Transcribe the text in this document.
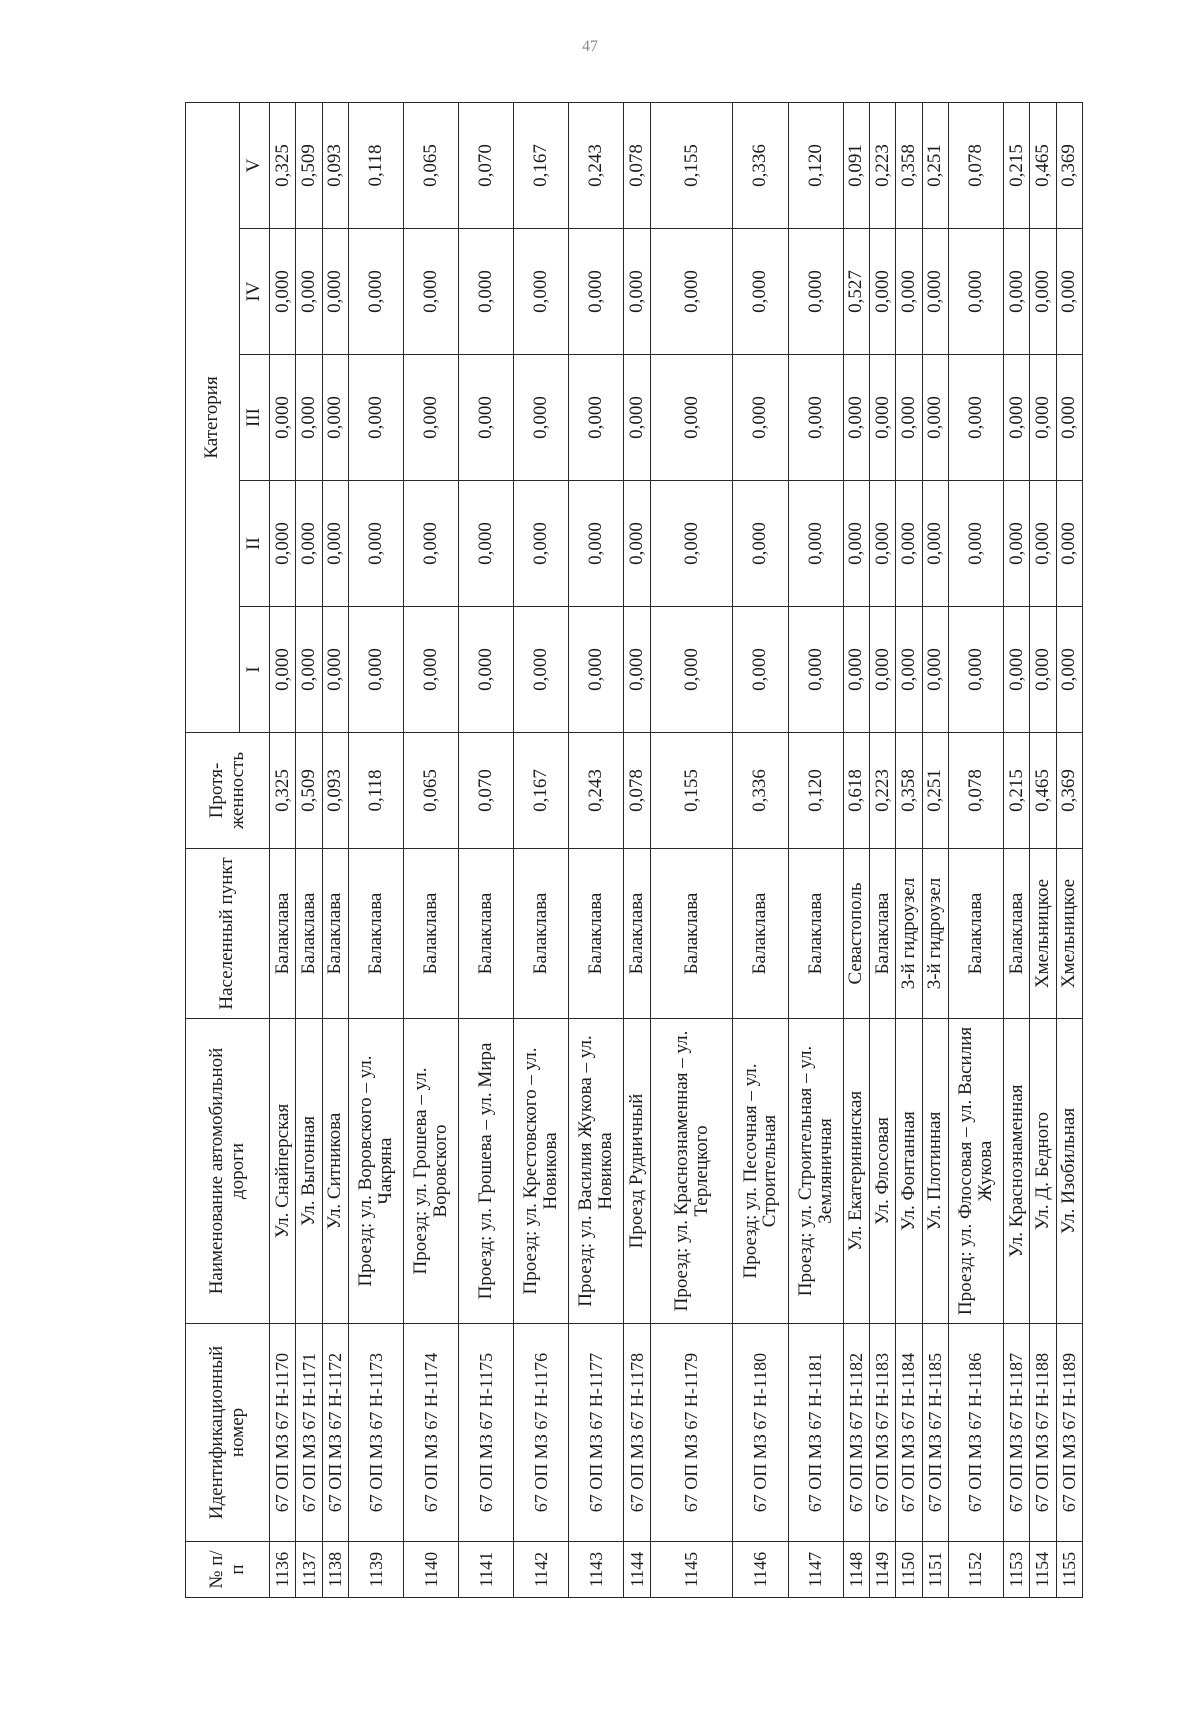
47
№ п/п	Идентификационный номер	Наименование автомобильной дороги	Населенный пункт	Протя-женность	Категория				
					I	II	III	IV	V
1136	67 ОП МЗ 67 Н-1170	Ул. Снайперская	Балаклава	0,325	0,000	0,000	0,000	0,000	0,325
1137	67 ОП МЗ 67 Н-1171	Ул. Выгонная	Балаклава	0,509	0,000	0,000	0,000	0,000	0,509
1138	67 ОП МЗ 67 Н-1172	Ул. Ситникова	Балаклава	0,093	0,000	0,000	0,000	0,000	0,093
1139	67 ОП МЗ 67 Н-1173	Проезд: ул. Воровского – ул. Чакряна	Балаклава	0,118	0,000	0,000	0,000	0,000	0,118
1140	67 ОП МЗ 67 Н-1174	Проезд: ул. Грошева – ул. Воровского	Балаклава	0,065	0,000	0,000	0,000	0,000	0,065
1141	67 ОП МЗ 67 Н-1175	Проезд: ул. Грошева – ул. Мира	Балаклава	0,070	0,000	0,000	0,000	0,000	0,070
1142	67 ОП МЗ 67 Н-1176	Проезд: ул. Крестовского – ул. Новикова	Балаклава	0,167	0,000	0,000	0,000	0,000	0,167
1143	67 ОП МЗ 67 Н-1177	Проезд: ул. Василия Жукова – ул. Новикова	Балаклава	0,243	0,000	0,000	0,000	0,000	0,243
1144	67 ОП МЗ 67 Н-1178	Проезд Рудничный	Балаклава	0,078	0,000	0,000	0,000	0,000	0,078
1145	67 ОП МЗ 67 Н-1179	Проезд: ул. Краснознаменная – ул. Терлецкого	Балаклава	0,155	0,000	0,000	0,000	0,000	0,155
1146	67 ОП МЗ 67 Н-1180	Проезд: ул. Песочная – ул. Строительная	Балаклава	0,336	0,000	0,000	0,000	0,000	0,336
1147	67 ОП МЗ 67 Н-1181	Проезд: ул. Строительная – ул. Земляничная	Балаклава	0,120	0,000	0,000	0,000	0,000	0,120
1148	67 ОП МЗ 67 Н-1182	Ул. Екатерининская	Севастополь	0,618	0,000	0,000	0,000	0,527	0,091
1149	67 ОП МЗ 67 Н-1183	Ул. Флосовая	Балаклава	0,223	0,000	0,000	0,000	0,000	0,223
1150	67 ОП МЗ 67 Н-1184	Ул. Фонтанная	3-й гидроузел	0,358	0,000	0,000	0,000	0,000	0,358
1151	67 ОП МЗ 67 Н-1185	Ул. Плотинная	3-й гидроузел	0,251	0,000	0,000	0,000	0,000	0,251
1152	67 ОП МЗ 67 Н-1186	Проезд: ул. Флосовая – ул. Василия Жукова	Балаклава	0,078	0,000	0,000	0,000	0,000	0,078
1153	67 ОП МЗ 67 Н-1187	Ул. Краснознаменная	Балаклава	0,215	0,000	0,000	0,000	0,000	0,215
1154	67 ОП МЗ 67 Н-1188	Ул. Д. Бедного	Хмельницкое	0,465	0,000	0,000	0,000	0,000	0,465
1155	67 ОП МЗ 67 Н-1189	Ул. Изобильная	Хмельницкое	0,369	0,000	0,000	0,000	0,000	0,369
